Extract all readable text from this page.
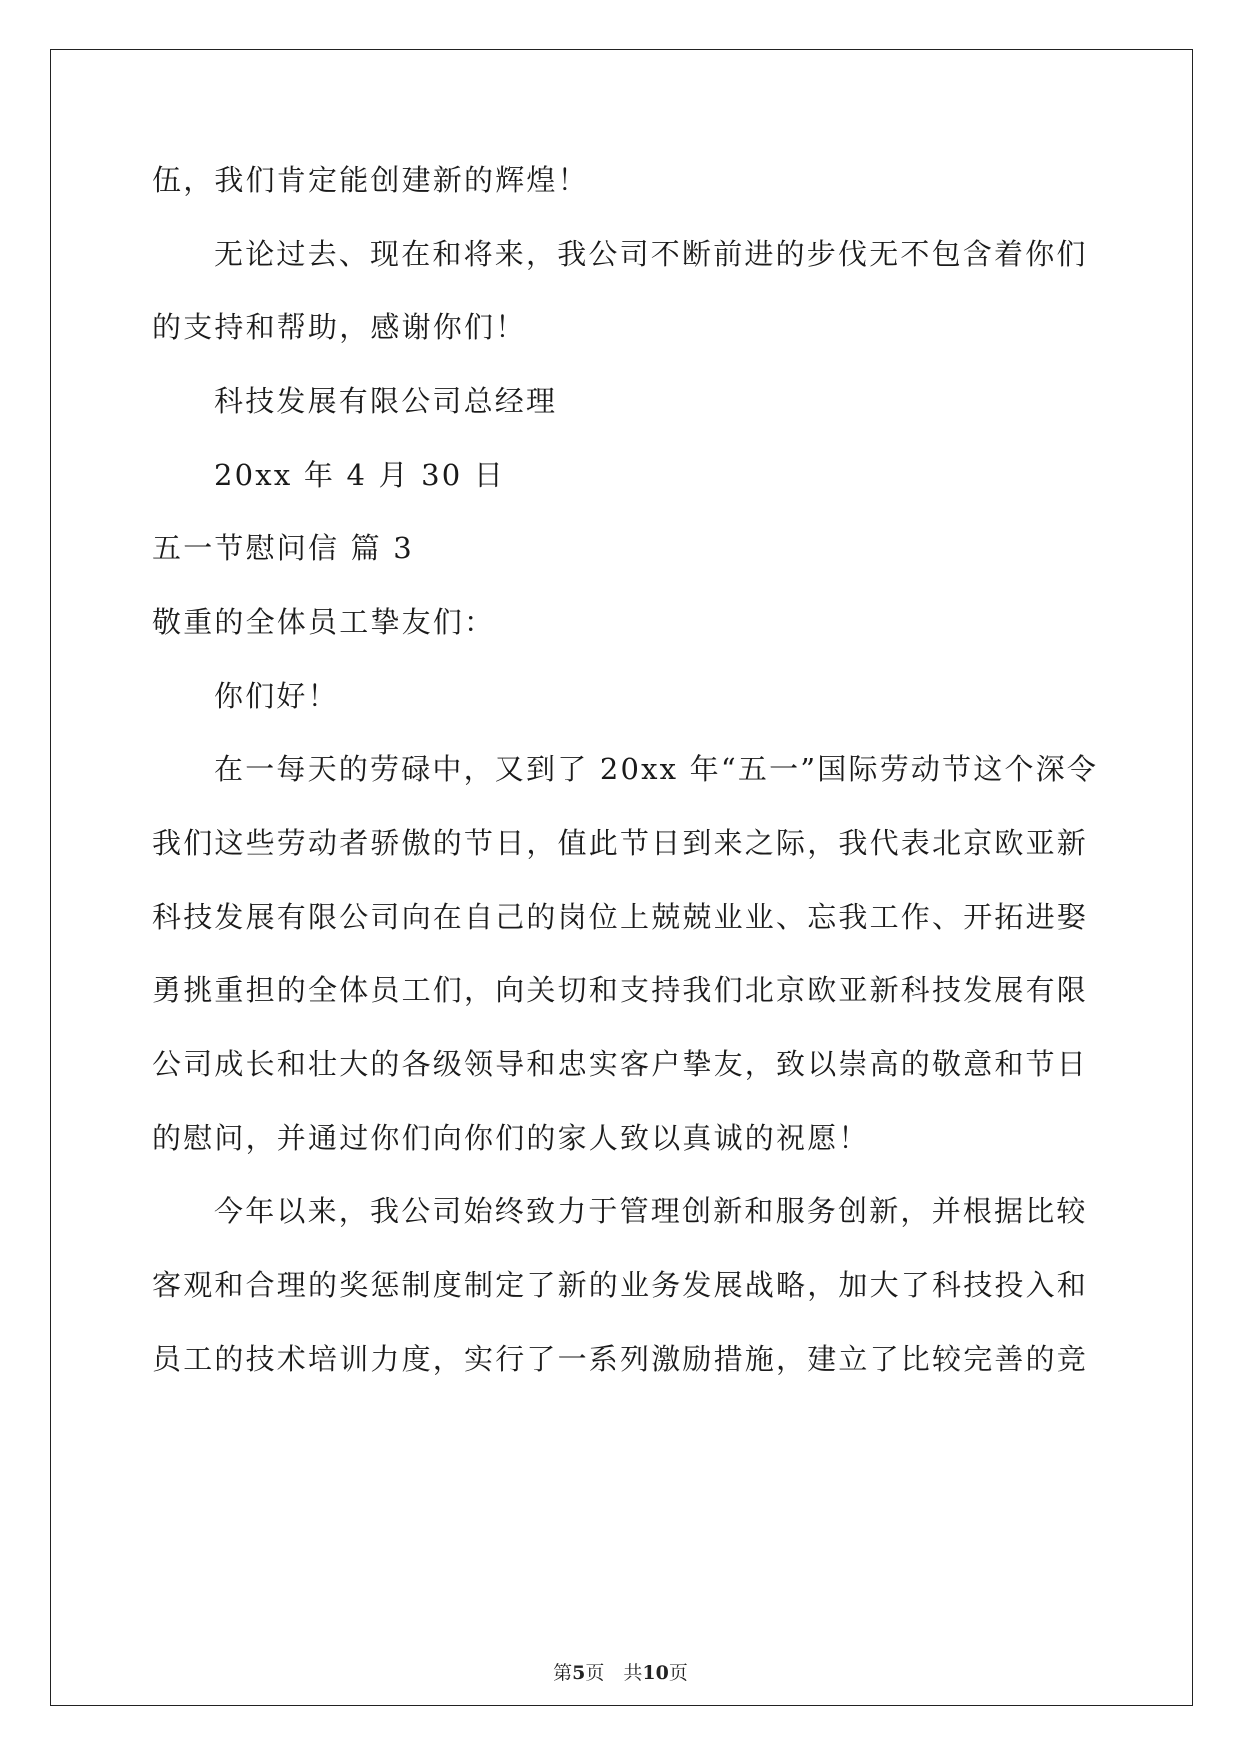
伍，我们肯定能创建新的辉煌！
无论过去、现在和将来，我公司不断前进的步伐无不包含着你们
的支持和帮助，感谢你们！
科技发展有限公司总经理
20xx 年 4 月 30 日
五一节慰问信 篇 3
敬重的全体员工挚友们：
你们好！
在一每天的劳碌中，又到了 20xx 年“五一”国际劳动节这个深令
我们这些劳动者骄傲的节日，值此节日到来之际，我代表北京欧亚新
科技发展有限公司向在自己的岗位上兢兢业业、忘我工作、开拓进娶
勇挑重担的全体员工们，向关切和支持我们北京欧亚新科技发展有限
公司成长和壮大的各级领导和忠实客户挚友，致以崇高的敬意和节日
的慰问，并通过你们向你们的家人致以真诚的祝愿！
今年以来，我公司始终致力于管理创新和服务创新，并根据比较
客观和合理的奖惩制度制定了新的业务发展战略，加大了科技投入和
员工的技术培训力度，实行了一系列激励措施，建立了比较完善的竞
第5页　共10页
